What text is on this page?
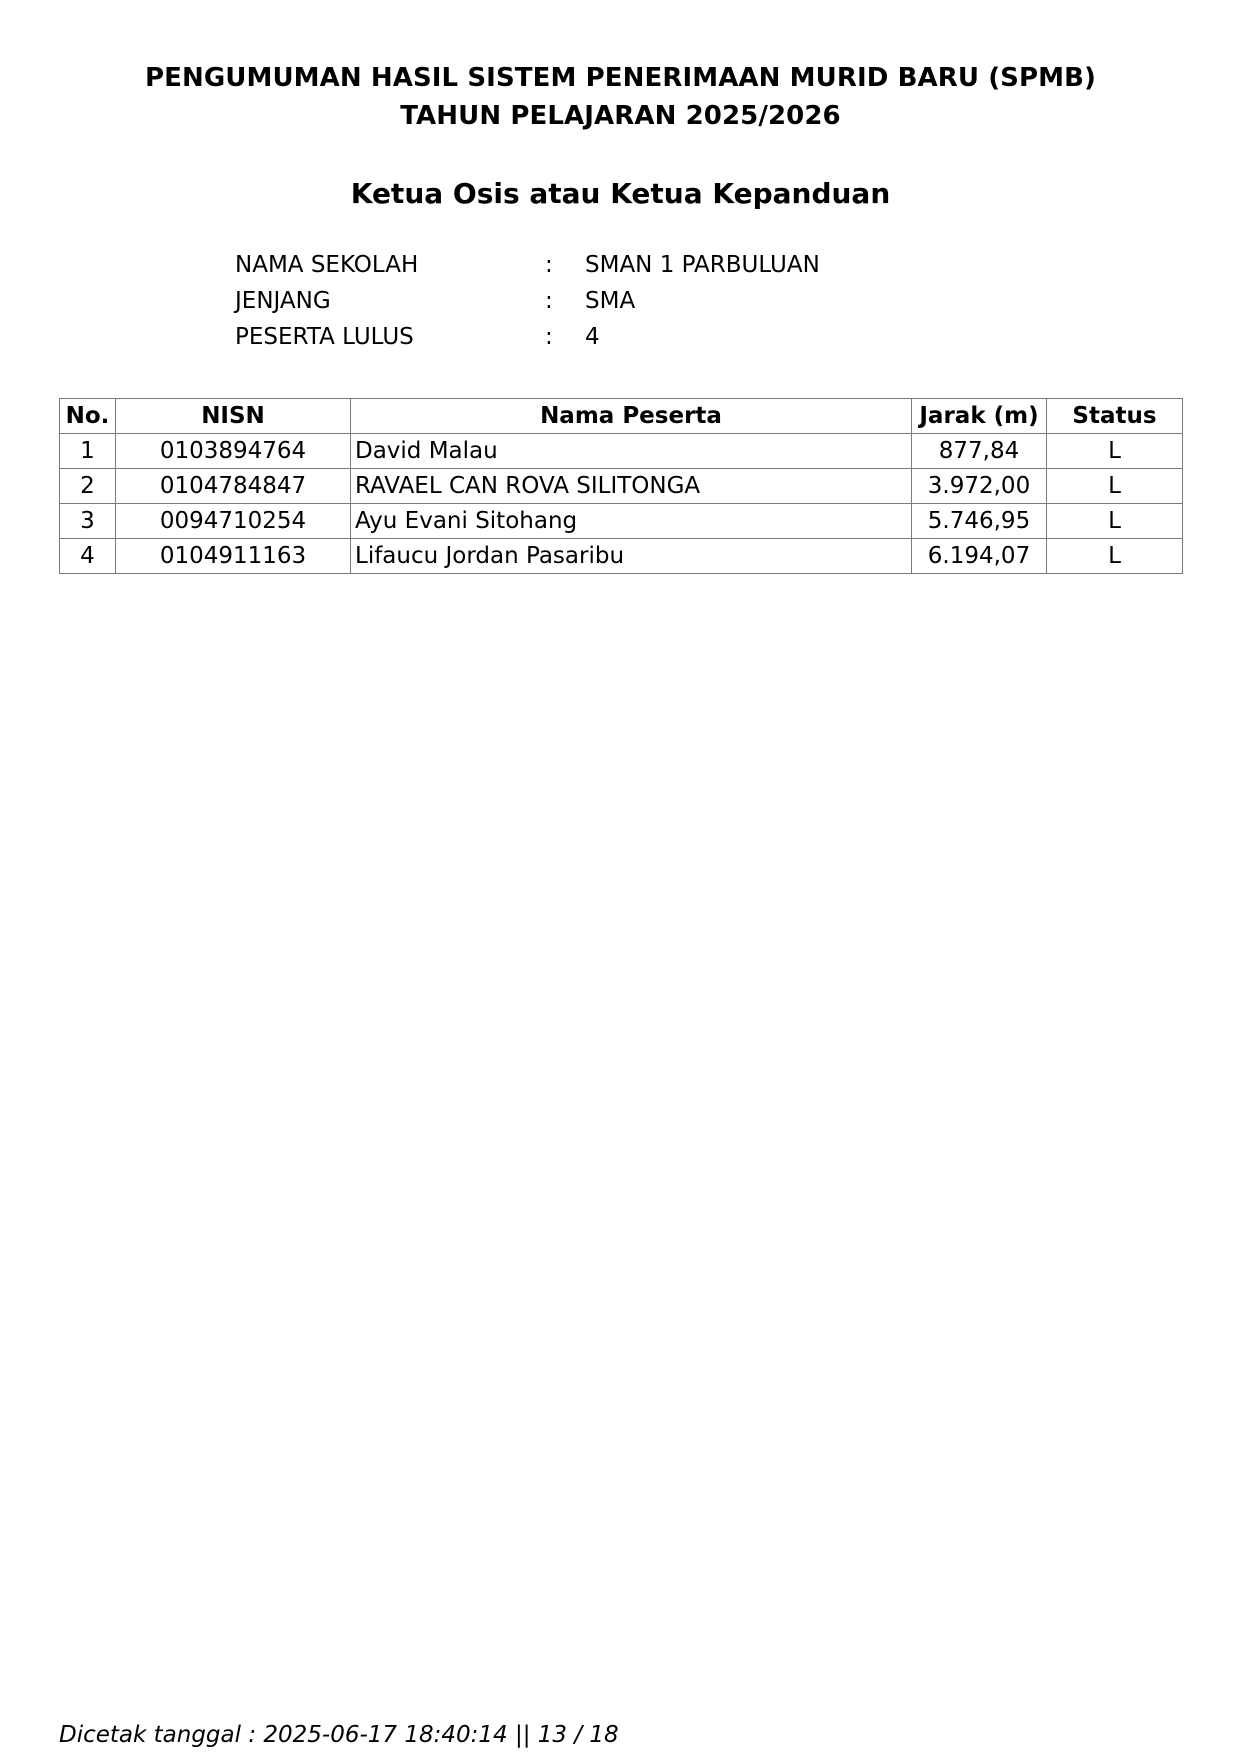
PENGUMUMAN HASIL SISTEM PENERIMAAN MURID BARU (SPMB)
TAHUN PELAJARAN 2025/2026
Ketua Osis atau Ketua Kepanduan
NAMA SEKOLAH	: SMAN 1 PARBULUAN
JENJANG	: SMA
PESERTA LULUS	: 4
No.	NISN	Nama Peserta	Jarak (m)	Status
1	0103894764	David Malau	877,84	L
2	0104784847	RAVAEL CAN ROVA SILITONGA	3.972,00	L
3	0094710254	Ayu Evani Sitohang	5.746,95	L
4	0104911163	Lifaucu Jordan Pasaribu	6.194,07	L
Dicetak tanggal : 2025-06-17 18:40:14 || 13 / 18
